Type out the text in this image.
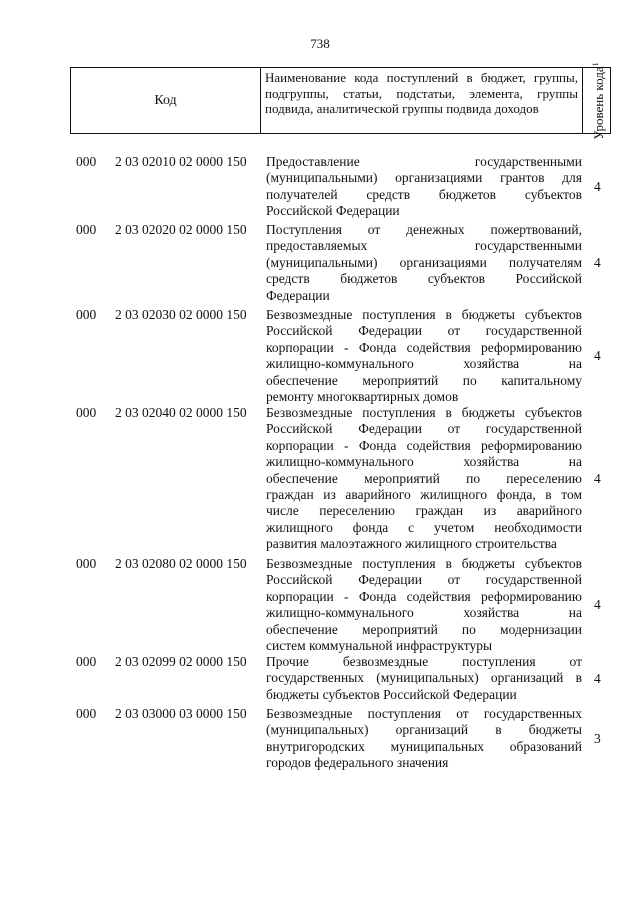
738
Код
Наименование кода поступлений в бюджет, группы, подгруппы, статьи, подстатьи, элемента, группы подвида, аналитической группы подвида доходов	Уровень кода$^1$
000 2 03 02010 02 0000 150 Предоставление государственными
(муниципальными) организациями грантов для
получателей средств бюджетов субъектов
Российской Федерации
4
000 2 03 02020 02 0000 150 Поступления от денежных пожертвований,
предоставляемых государственными
(муниципальными) организациями получателям
средств бюджетов субъектов Российской
Федерации
4
000 2 03 02030 02 0000 150 Безвозмездные поступления в бюджеты субъектов
Российской Федерации от государственной
корпорации - Фонда содействия реформированию
жилищно-коммунального хозяйства на
обеспечение мероприятий по капитальному
ремонту многоквартирных домов
4
000 2 03 02040 02 0000 150 Безвозмездные поступления в бюджеты субъектов
Российской Федерации от государственной
корпорации - Фонда содействия реформированию
жилищно-коммунального хозяйства на
обеспечение мероприятий по переселению
граждан из аварийного жилищного фонда, в том
числе переселению граждан из аварийного
жилищного фонда с учетом необходимости
развития малоэтажного жилищного строительства
4
000 2 03 02080 02 0000 150 Безвозмездные поступления в бюджеты субъектов
Российской Федерации от государственной
корпорации - Фонда содействия реформированию
жилищно-коммунального хозяйства на
обеспечение мероприятий по модернизации
систем коммунальной инфраструктуры
4
000 2 03 02099 02 0000 150 Прочие безвозмездные поступления от
государственных (муниципальных) организаций в
бюджеты субъектов Российской Федерации
4
000 2 03 03000 03 0000 150 Безвозмездные поступления от государственных
(муниципальных) организаций в бюджеты
внутригородских муниципальных образований
городов федерального значения
3
